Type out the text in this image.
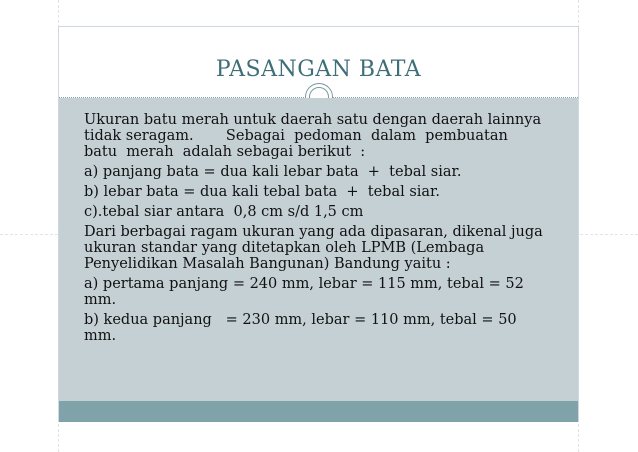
PASANGAN BATA

Ukuran batu merah untuk daerah satu dengan daerah lainnya
tidak seragam.       Sebagai  pedoman  dalam  pembuatan
batu  merah  adalah sebagai berikut  :

a) panjang bata = dua kali lebar bata  +  tebal siar.

b) lebar bata = dua kali tebal bata  +  tebal siar.

c).tebal siar antara  0,8 cm s/d 1,5 cm

Dari berbagai ragam ukuran yang ada dipasaran, dikenal juga
ukuran standar yang ditetapkan oleh LPMB (Lembaga
Penyelidikan Masalah Bangunan) Bandung yaitu :

a) pertama panjang = 240 mm, lebar = 115 mm, tebal = 52
mm.

b) kedua panjang   = 230 mm, lebar = 110 mm, tebal = 50
mm.
